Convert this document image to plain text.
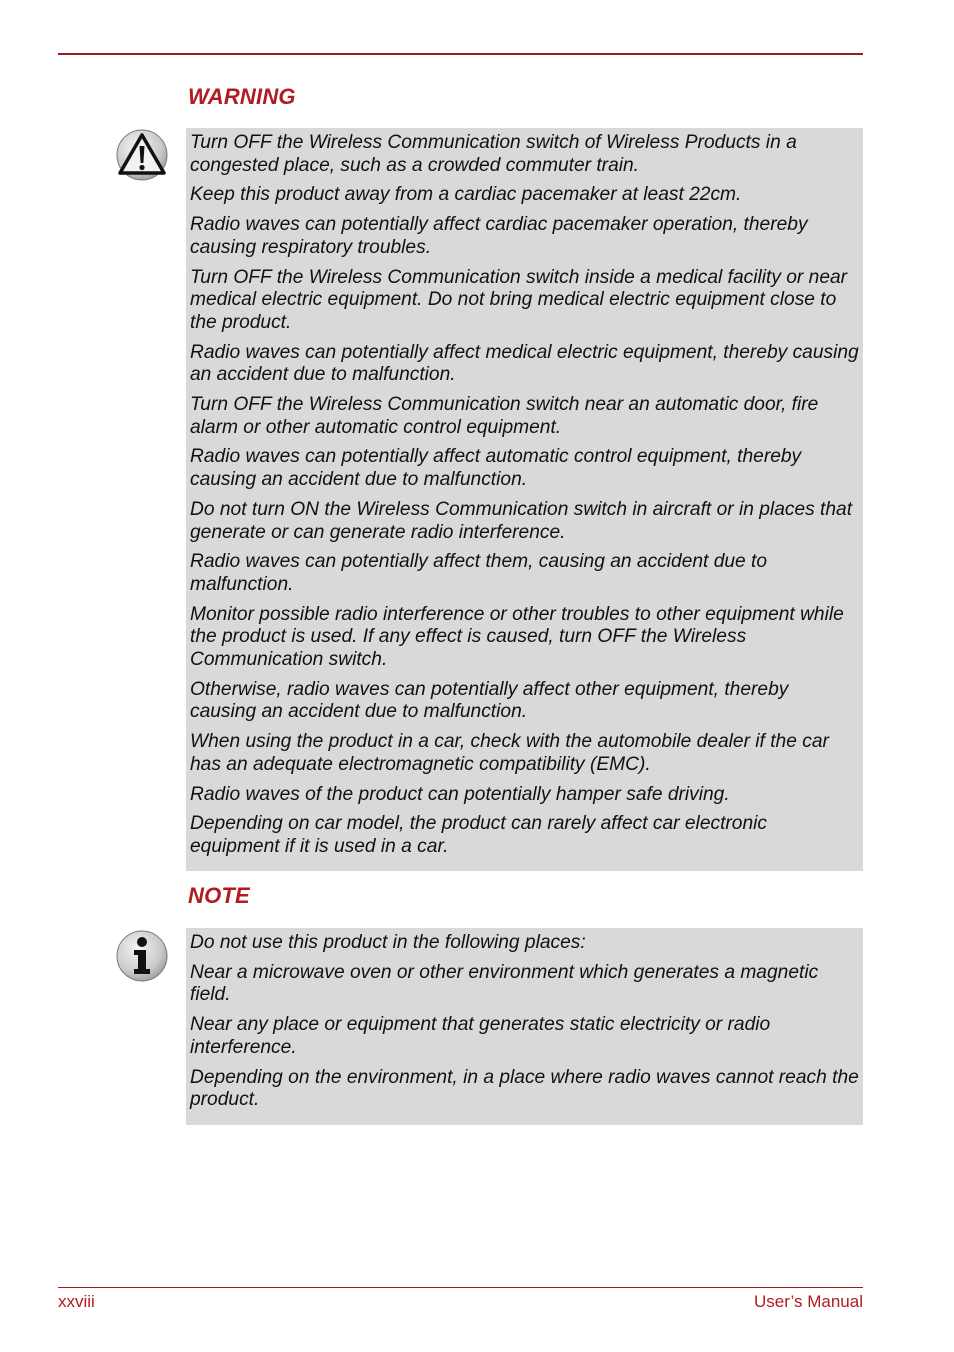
WARNING

Turn OFF the Wireless Communication switch of Wireless Products in a congested place, such as a crowded commuter train.

Keep this product away from a cardiac pacemaker at least 22cm.

Radio waves can potentially affect cardiac pacemaker operation, thereby causing respiratory troubles.

Turn OFF the Wireless Communication switch inside a medical facility or near medical electric equipment. Do not bring medical electric equipment close to the product.

Radio waves can potentially affect medical electric equipment, thereby causing an accident due to malfunction.

Turn OFF the Wireless Communication switch near an automatic door, fire alarm or other automatic control equipment.

Radio waves can potentially affect automatic control equipment, thereby causing an accident due to malfunction.

Do not turn ON the Wireless Communication switch in aircraft or in places that generate or can generate radio interference.

Radio waves can potentially affect them, causing an accident due to malfunction.

Monitor possible radio interference or other troubles to other equipment while the product is used. If any effect is caused, turn OFF the Wireless Communication switch.

Otherwise, radio waves can potentially affect other equipment, thereby causing an accident due to malfunction.

When using the product in a car, check with the automobile dealer if the car has an adequate electromagnetic compatibility (EMC).

Radio waves of the product can potentially hamper safe driving.

Depending on car model, the product can rarely affect car electronic equipment if it is used in a car.

NOTE

Do not use this product in the following places:

Near a microwave oven or other environment which generates a magnetic field.

Near any place or equipment that generates static electricity or radio interference.

Depending on the environment, in a place where radio waves cannot reach the product.

xxviii	User’s Manual
